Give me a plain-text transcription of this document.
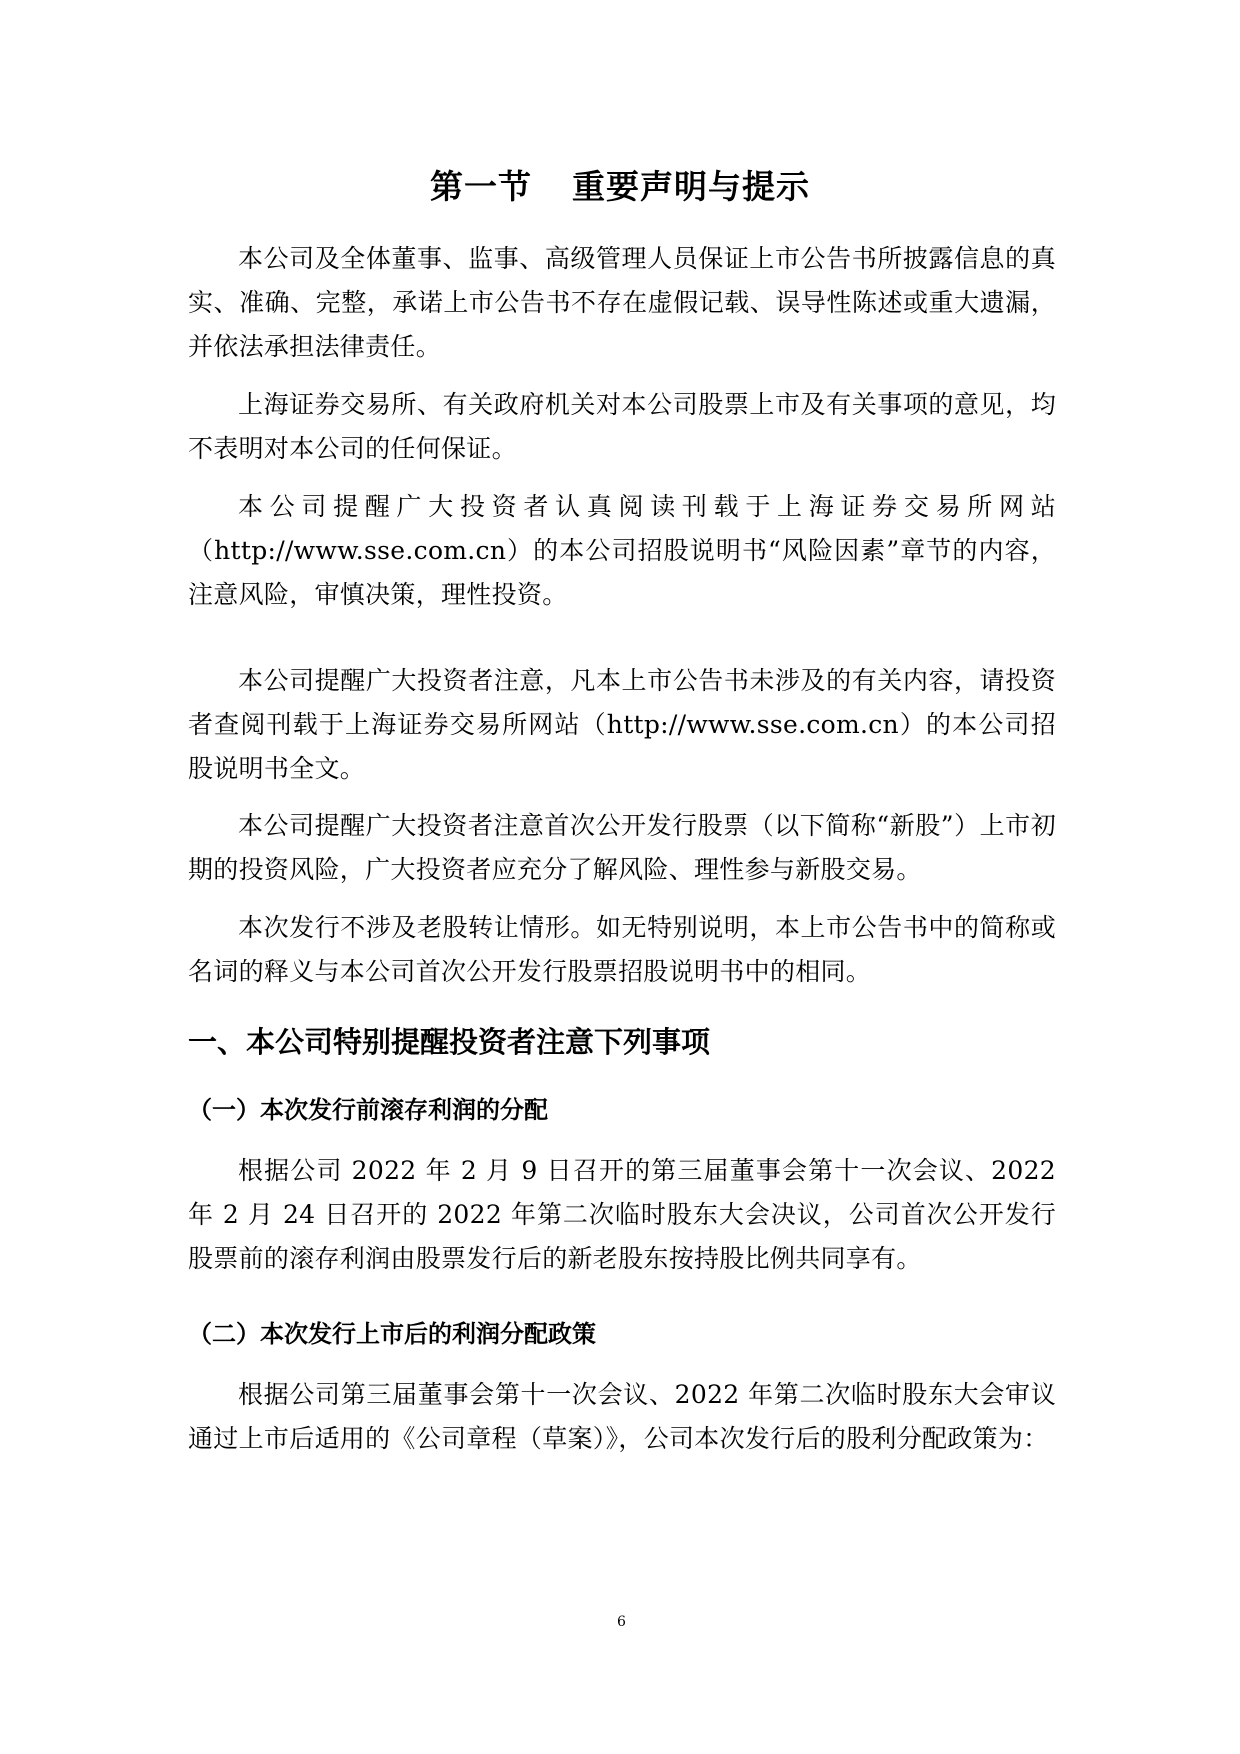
第一节 重要声明与提示

本公司及全体董事、监事、高级管理人员保证上市公告书所披露信息的真实、准确、完整，承诺上市公告书不存在虚假记载、误导性陈述或重大遗漏，并依法承担法律责任。

上海证券交易所、有关政府机关对本公司股票上市及有关事项的意见，均不表明对本公司的任何保证。

本公司提醒广大投资者认真阅读刊载于上海证券交易所网站（http://www.sse.com.cn）的本公司招股说明书“风险因素”章节的内容，注意风险，审慎决策，理性投资。

本公司提醒广大投资者注意，凡本上市公告书未涉及的有关内容，请投资者查阅刊载于上海证券交易所网站（http://www.sse.com.cn）的本公司招股说明书全文。

本公司提醒广大投资者注意首次公开发行股票（以下简称“新股”）上市初期的投资风险，广大投资者应充分了解风险、理性参与新股交易。

本次发行不涉及老股转让情形。如无特别说明，本上市公告书中的简称或名词的释义与本公司首次公开发行股票招股说明书中的相同。

一、本公司特别提醒投资者注意下列事项
（一）本次发行前滚存利润的分配

根据公司 2022 年 2 月 9 日召开的第三届董事会第十一次会议、2022 年 2 月 24 日召开的 2022 年第二次临时股东大会决议，公司首次公开发行股票前的滚存利润由股票发行后的新老股东按持股比例共同享有。

（二）本次发行上市后的利润分配政策

根据公司第三届董事会第十一次会议、2022 年第二次临时股东大会审议通过上市后适用的《公司章程（草案）》，公司本次发行后的股利分配政策为：

6
